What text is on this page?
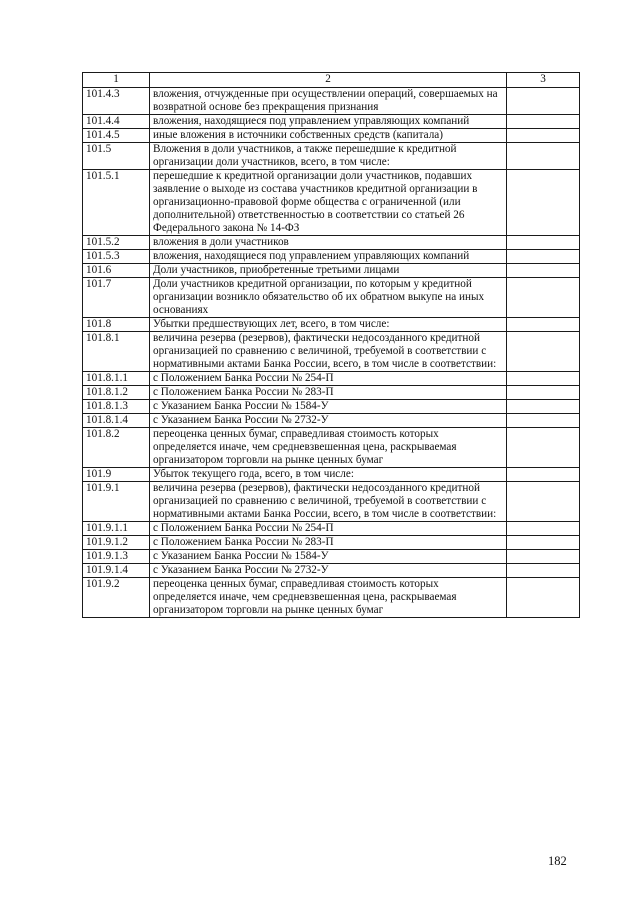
1	2	3
101.4.3	вложения, отчужденные при осуществлении операций, совершаемых на возвратной основе без прекращения признания	
101.4.4	вложения, находящиеся под управлением управляющих компаний	
101.4.5	иные вложения в источники собственных средств (капитала)	
101.5	Вложения в доли участников, а также перешедшие к кредитной организации доли участников, всего, в том числе:	
101.5.1	перешедшие к кредитной организации доли участников, подавших заявление о выходе из состава участников кредитной организации в организационно-правовой форме общества с ограниченной (или дополнительной) ответственностью в соответствии со статьей 26 Федерального закона № 14-ФЗ	
101.5.2	вложения в доли участников	
101.5.3	вложения, находящиеся под управлением управляющих компаний	
101.6	Доли участников, приобретенные третьими лицами	
101.7	Доли участников кредитной организации, по которым у кредитной организации возникло обязательство об их обратном выкупе на иных основаниях	
101.8	Убытки предшествующих лет, всего, в том числе:	
101.8.1	величина резерва (резервов), фактически недосозданного кредитной организацией по сравнению с величиной, требуемой в соответствии с нормативными актами Банка России, всего, в том числе в соответствии:	
101.8.1.1	с Положением Банка России № 254-П	
101.8.1.2	с Положением Банка России № 283-П	
101.8.1.3	с Указанием Банка России № 1584-У	
101.8.1.4	с Указанием Банка России № 2732-У	
101.8.2	переоценка ценных бумаг, справедливая стоимость которых определяется иначе, чем средневзвешенная цена, раскрываемая организатором торговли на рынке ценных бумаг	
101.9	Убыток текущего года, всего, в том числе:	
101.9.1	величина резерва (резервов), фактически недосозданного кредитной организацией по сравнению с величиной, требуемой в соответствии с нормативными актами Банка России, всего, в том числе в соответствии:	
101.9.1.1	с Положением Банка России № 254-П	
101.9.1.2	с Положением Банка России № 283-П	
101.9.1.3	с Указанием Банка России № 1584-У	
101.9.1.4	с Указанием Банка России № 2732-У	
101.9.2	переоценка ценных бумаг, справедливая стоимость которых определяется иначе, чем средневзвешенная цена, раскрываемая организатором торговли на рынке ценных бумаг	
182
